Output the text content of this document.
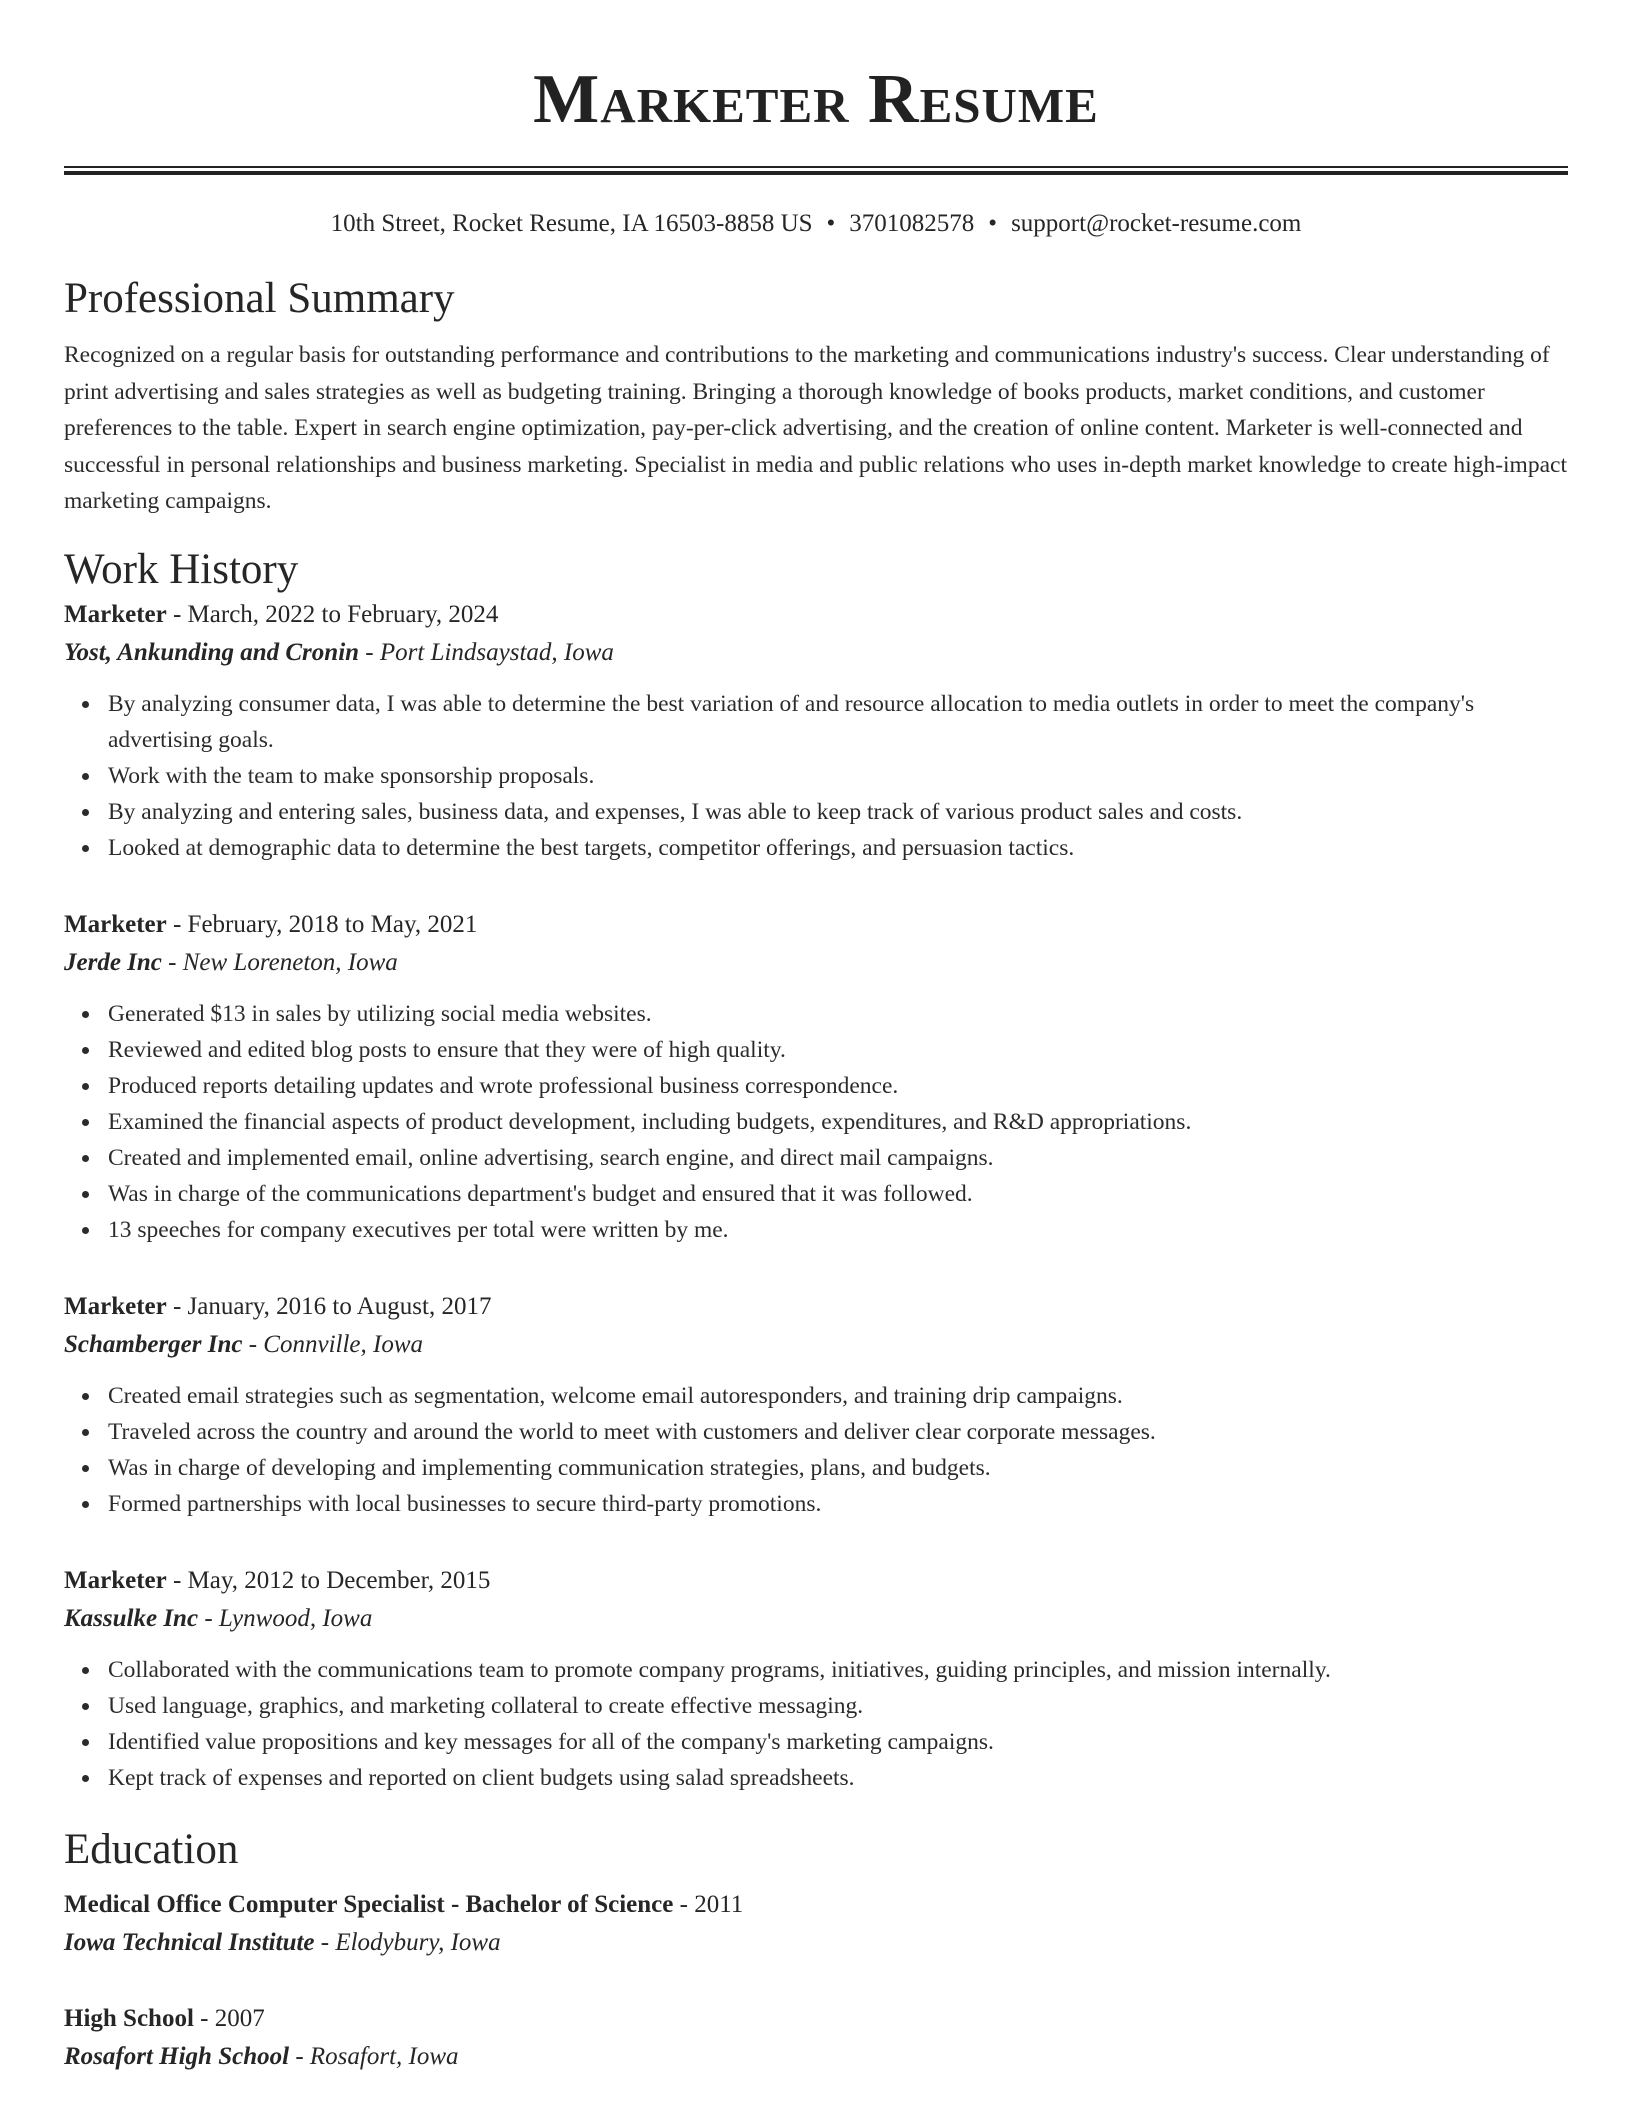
Marketer Resume
10th Street, Rocket Resume, IA 16503-8858 US • 3701082578 • support@rocket-resume.com
Professional Summary

Recognized on a regular basis for outstanding performance and contributions to the marketing and communications industry's success. Clear understanding of print advertising and sales strategies as well as budgeting training. Bringing a thorough knowledge of books products, market conditions, and customer preferences to the table. Expert in search engine optimization, pay-per-click advertising, and the creation of online content. Marketer is well-connected and successful in personal relationships and business marketing. Specialist in media and public relations who uses in-depth market knowledge to create high-impact marketing campaigns.

Work History

Marketer - March, 2022 to February, 2024

Yost, Ankunding and Cronin - Port Lindsaystad, Iowa

By analyzing consumer data, I was able to determine the best variation of and resource allocation to media outlets in order to meet the company's advertising goals.
Work with the team to make sponsorship proposals.
By analyzing and entering sales, business data, and expenses, I was able to keep track of various product sales and costs.
Looked at demographic data to determine the best targets, competitor offerings, and persuasion tactics.

Marketer - February, 2018 to May, 2021

Jerde Inc - New Loreneton, Iowa

Generated $13 in sales by utilizing social media websites.
Reviewed and edited blog posts to ensure that they were of high quality.
Produced reports detailing updates and wrote professional business correspondence.
Examined the financial aspects of product development, including budgets, expenditures, and R&D appropriations.
Created and implemented email, online advertising, search engine, and direct mail campaigns.
Was in charge of the communications department's budget and ensured that it was followed.
13 speeches for company executives per total were written by me.

Marketer - January, 2016 to August, 2017

Schamberger Inc - Connville, Iowa

Created email strategies such as segmentation, welcome email autoresponders, and training drip campaigns.
Traveled across the country and around the world to meet with customers and deliver clear corporate messages.
Was in charge of developing and implementing communication strategies, plans, and budgets.
Formed partnerships with local businesses to secure third-party promotions.

Marketer - May, 2012 to December, 2015

Kassulke Inc - Lynwood, Iowa

Collaborated with the communications team to promote company programs, initiatives, guiding principles, and mission internally.
Used language, graphics, and marketing collateral to create effective messaging.
Identified value propositions and key messages for all of the company's marketing campaigns.
Kept track of expenses and reported on client budgets using salad spreadsheets.
Education

Medical Office Computer Specialist - Bachelor of Science - 2011

Iowa Technical Institute - Elodybury, Iowa

High School - 2007

Rosafort High School - Rosafort, Iowa
